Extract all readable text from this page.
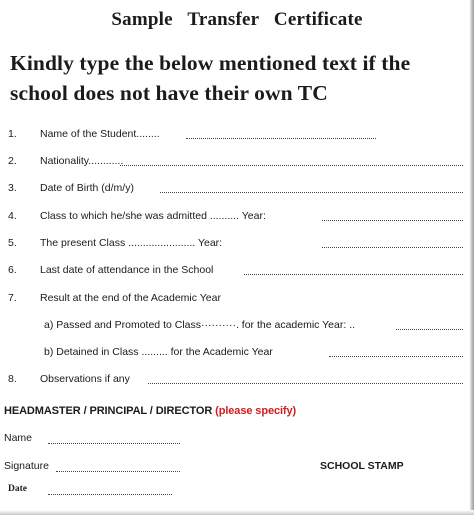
Sample Transfer Certificate
Kindly type the below mentioned text if the school does not have their own TC
1. Name of the Student........
2. Nationality............
3. Date of Birth (d/m/y)
4. Class to which he/she was admitted .......... Year:
5. The present Class ....................... Year:
6. Last date of attendance in the School
7. Result at the end of the Academic Year
a) Passed and Promoted to Class··········. for the academic Year: ..
b) Detained in Class ......... for the Academic Year
8. Observations if any
HEADMASTER / PRINCIPAL / DIRECTOR (please specify)
Name
Signature	SCHOOL STAMP
Date
